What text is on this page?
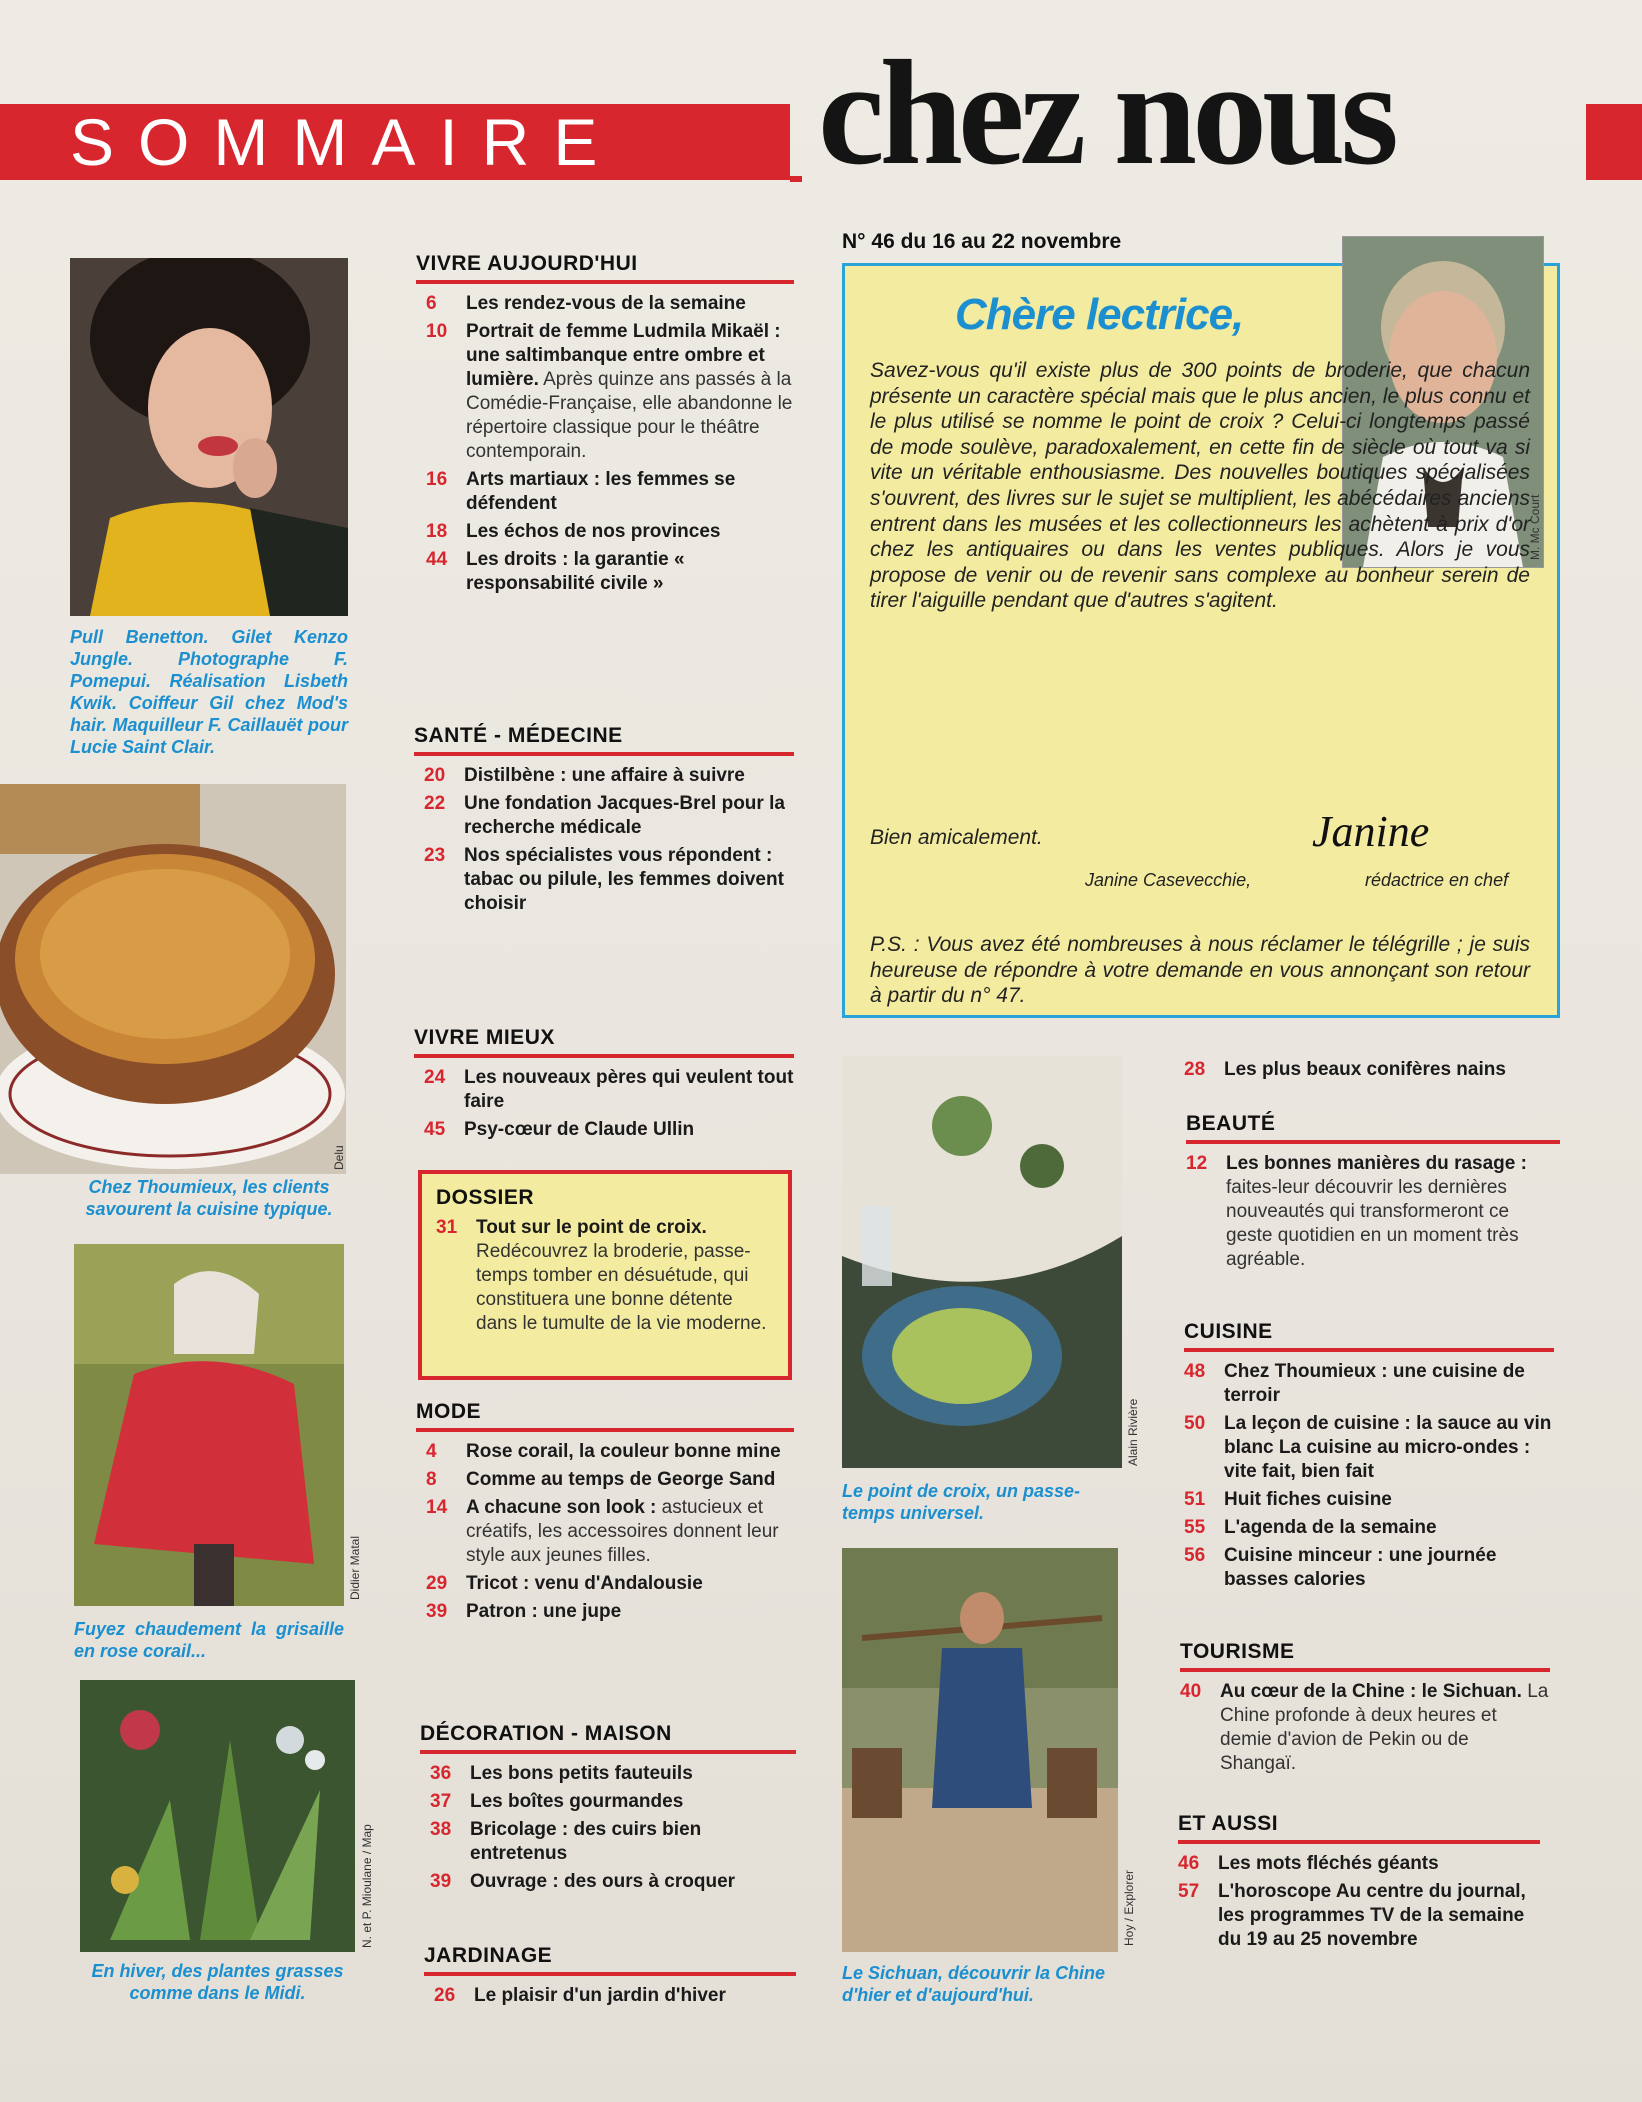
SOMMAIRE chez nous
Pull Benetton. Gilet Kenzo Jungle. Photographe F. Pomepui. Réalisation Lisbeth Kwik. Coiffeur Gil chez Mod's hair. Maquilleur F. Caillauët pour Lucie Saint Clair.
Delu
Chez Thoumieux, les clients savourent la cuisine typique.
Didier Matal
Fuyez chaudement la grisaille en rose corail...
N. et P. Mioulane / Map
En hiver, des plantes grasses comme dans le Midi.
VIVRE AUJOURD'HUI
6	Les rendez-vous de la semaine
10 Portrait de femme Ludmila Mikaël : une saltimbanque entre ombre et lumière. Après quinze ans passés à la Comédie-Française, elle abandonne le répertoire classique pour le théâtre contemporain.
16 Arts martiaux : les femmes se défendent
18 Les échos de nos provinces
44 Les droits : la garantie « responsabilité civile »
SANTÉ - MÉDECINE
20 Distilbène : une affaire à suivre
22 Une fondation Jacques-Brel pour la recherche médicale
23 Nos spécialistes vous répondent : tabac ou pilule, les femmes doivent choisir
VIVRE MIEUX
24 Les nouveaux pères qui veulent tout faire
45 Psy-cœur de Claude Ullin
DOSSIER
31 Tout sur le point de croix. Redécouvrez la broderie, passe-temps tomber en désuétude, qui constituera une bonne détente dans le tumulte de la vie moderne.
MODE
4	Rose corail, la couleur bonne mine
8	Comme au temps de George Sand
14 A chacune son look : astucieux et créatifs, les accessoires donnent leur style aux jeunes filles.
29 Tricot : venu d'Andalousie
39 Patron : une jupe
DÉCORATION - MAISON
36 Les bons petits fauteuils
37 Les boîtes gourmandes
38 Bricolage : des cuirs bien entretenus
39 Ouvrage : des ours à croquer
JARDINAGE
26 Le plaisir d'un jardin d'hiver
N° 46 du 16 au 22 novembre
M. Mc Court
Chère lectrice,
Savez-vous qu'il existe plus de 300 points de broderie, que chacun présente un caractère spécial mais que le plus ancien, le plus connu et le plus utilisé se nomme le point de croix ? Celui-ci longtemps passé de mode soulève, paradoxalement, en cette fin de siècle où tout va si vite un véritable enthousiasme. Des nouvelles boutiques spécialisées s'ouvrent, des livres sur le sujet se multiplient, les abécédaires anciens entrent dans les musées et les collectionneurs les achètent à prix d'or chez les antiquaires ou dans les ventes publiques. Alors je vous propose de venir ou de revenir sans complexe au bonheur serein de tirer l'aiguille pendant que d'autres s'agitent.
Bien amicalement.	Janine
Janine Casevecchie,	rédactrice en chef
P.S. : Vous avez été nombreuses à nous réclamer le télégrille ; je suis heureuse de répondre à votre demande en vous annonçant son retour à partir du n° 47.
Alain Rivière
Le point de croix, un passe-temps universel.
Hoy / Explorer
Le Sichuan, découvrir la Chine d'hier et d'aujourd'hui.
28 Les plus beaux conifères nains
BEAUTÉ
12 Les bonnes manières du rasage : faites-leur découvrir les dernières nouveautés qui transformeront ce geste quotidien en un moment très agréable.
CUISINE
48 Chez Thoumieux : une cuisine de terroir
50 La leçon de cuisine : la sauce au vin blanc La cuisine au micro-ondes : vite fait, bien fait
51 Huit fiches cuisine
55 L'agenda de la semaine
56 Cuisine minceur : une journée basses calories
TOURISME
40 Au cœur de la Chine : le Sichuan. La Chine profonde à deux heures et demie d'avion de Pekin ou de Shangaï.
ET AUSSI
46 Les mots fléchés géants
57 L'horoscope Au centre du journal, les programmes TV de la semaine du 19 au 25 novembre
